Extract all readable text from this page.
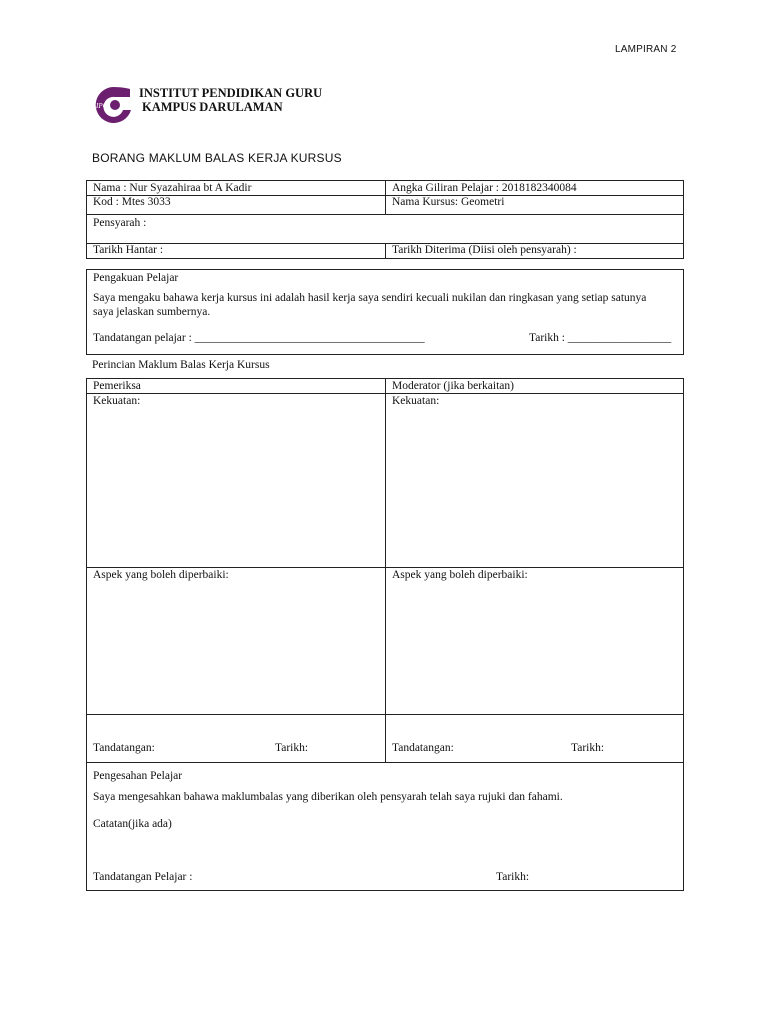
LAMPIRAN 2
IPG
INSTITUT PENDIDIKAN GURU
KAMPUS DARULAMAN
BORANG MAKLUM BALAS KERJA KURSUS
Nama : Nur Syazahiraa bt A Kadir	Angka Giliran Pelajar : 2018182340084
Kod : Mtes 3033	Nama Kursus: Geometri
Pensyarah :
Tarikh Hantar :	Tarikh Diterima (Diisi oleh pensyarah) :
Pengakuan Pelajar
Saya mengaku bahawa kerja kursus ini adalah hasil kerja saya sendiri kecuali nukilan dan ringkasan yang setiap satunya saya jelaskan sumbernya.
Tandatangan pelajar : ________________________________________	Tarikh : __________________
Perincian Maklum Balas Kerja Kursus
Pemeriksa	Moderator (jika berkaitan)
Kekuatan:	Kekuatan:
Aspek yang boleh diperbaiki:	Aspek yang boleh diperbaiki:
Tandatangan:	Tarikh:	Tandatangan:	Tarikh:
Pengesahan Pelajar
Saya mengesahkan bahawa maklumbalas yang diberikan oleh pensyarah telah saya rujuki dan fahami.
Catatan(jika ada)
Tandatangan Pelajar :	Tarikh:
